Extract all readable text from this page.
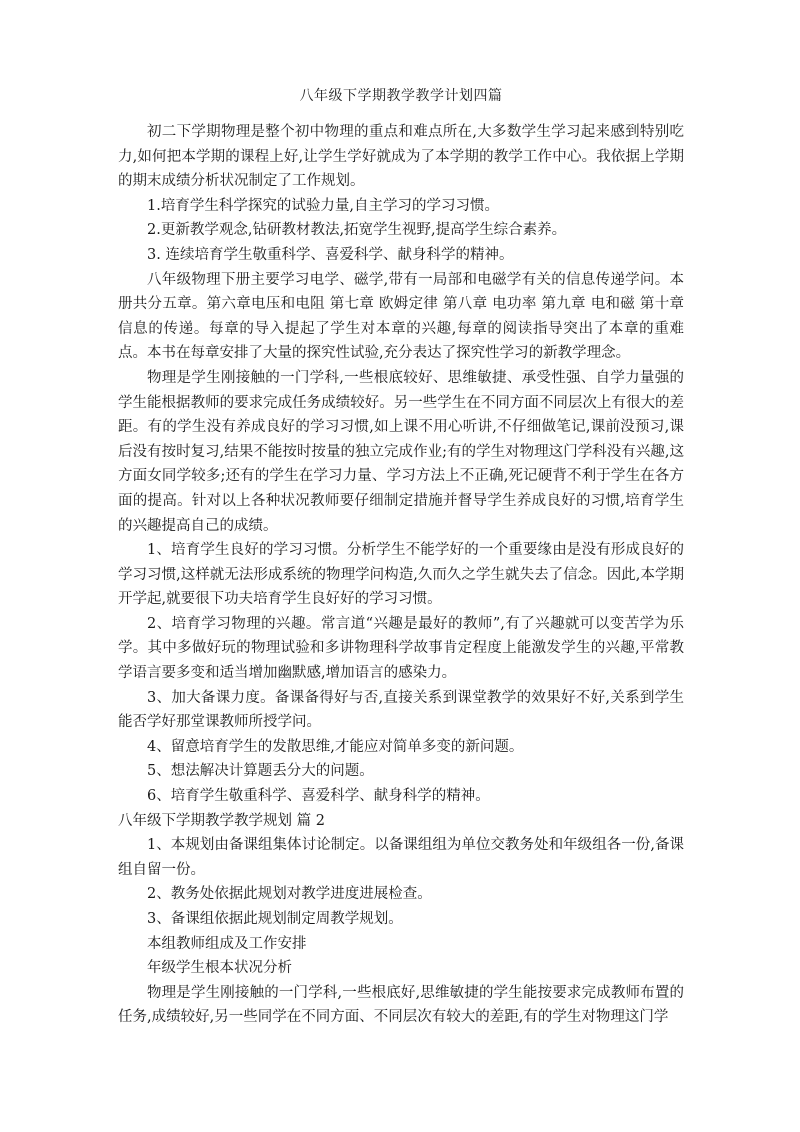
八年级下学期教学教学计划四篇

初二下学期物理是整个初中物理的重点和难点所在,大多数学生学习起来感到特别吃力,如何把本学期的课程上好,让学生学好就成为了本学期的教学工作中心。我依据上学期的期末成绩分析状况制定了工作规划。

1.培育学生科学探究的试验力量,自主学习的学习习惯。

2.更新教学观念,钻研教材教法,拓宽学生视野,提高学生综合素养。

3. 连续培育学生敬重科学、喜爱科学、献身科学的精神。

八年级物理下册主要学习电学、磁学,带有一局部和电磁学有关的信息传递学问。本册共分五章。第六章电压和电阻 第七章 欧姆定律 第八章 电功率 第九章 电和磁 第十章 信息的传递。每章的导入提起了学生对本章的兴趣,每章的阅读指导突出了本章的重难点。本书在每章安排了大量的探究性试验,充分表达了探究性学习的新教学理念。

物理是学生刚接触的一门学科,一些根底较好、思维敏捷、承受性强、自学力量强的学生能根据教师的要求完成任务成绩较好。另一些学生在不同方面不同层次上有很大的差距。有的学生没有养成良好的学习习惯,如上课不用心听讲,不仔细做笔记,课前没预习,课后没有按时复习,结果不能按时按量的独立完成作业;有的学生对物理这门学科没有兴趣,这方面女同学较多;还有的学生在学习力量、学习方法上不正确,死记硬背不利于学生在各方面的提高。针对以上各种状况教师要仔细制定措施并督导学生养成良好的习惯,培育学生的兴趣提高自己的成绩。

1、培育学生良好的学习习惯。分析学生不能学好的一个重要缘由是没有形成良好的学习习惯,这样就无法形成系统的物理学问构造,久而久之学生就失去了信念。因此,本学期开学起,就要很下功夫培育学生良好好的学习习惯。

2、培育学习物理的兴趣。常言道“兴趣是最好的教师”,有了兴趣就可以变苦学为乐学。其中多做好玩的物理试验和多讲物理科学故事肯定程度上能激发学生的兴趣,平常教学语言要多变和适当增加幽默感,增加语言的感染力。

3、加大备课力度。备课备得好与否,直接关系到课堂教学的效果好不好,关系到学生能否学好那堂课教师所授学问。

4、留意培育学生的发散思维,才能应对简单多变的新问题。

5、想法解决计算题丢分大的问题。

6、培育学生敬重科学、喜爱科学、献身科学的精神。

八年级下学期教学教学规划 篇 2

1、本规划由备课组集体讨论制定。以备课组组为单位交教务处和年级组各一份,备课组自留一份。

2、教务处依据此规划对教学进度进展检查。

3、备课组依据此规划制定周教学规划。

本组教师组成及工作安排

年级学生根本状况分析

物理是学生刚接触的一门学科,一些根底好,思维敏捷的学生能按要求完成教师布置的任务,成绩较好,另一些同学在不同方面、不同层次有较大的差距,有的学生对物理这门学
